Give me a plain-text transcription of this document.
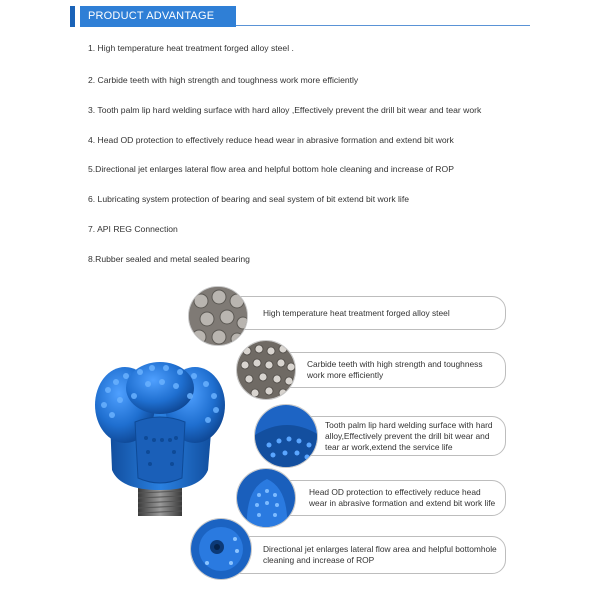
PRODUCT ADVANTAGE
1. High temperature heat treatment forged alloy steel .
2. Carbide teeth with high strength and toughness work more efficiently
3. Tooth palm lip hard welding surface with hard alloy ,Effectively prevent the drill bit wear and tear work
4. Head OD protection to effectively reduce head wear in abrasive formation and extend bit work
5.Directional jet enlarges lateral flow area and helpful bottom hole cleaning and increase of ROP
6. Lubricating system protection of bearing and seal system of bit extend bit work life
7. API REG Connection
8.Rubber sealed and metal sealed bearing
High temperature heat treatment forged alloy steel
Carbide teeth with high strength and toughness
work more efficiently
Tooth palm lip hard welding surface with hard
alloy,Effectively prevent the drill bit wear and
tear ar work,extend the service life
Head OD protection to effectively reduce head
wear in abrasive formation and extend bit work life
Directional jet enlarges lateral flow area and helpful bottomhole
cleaning and increase of ROP
